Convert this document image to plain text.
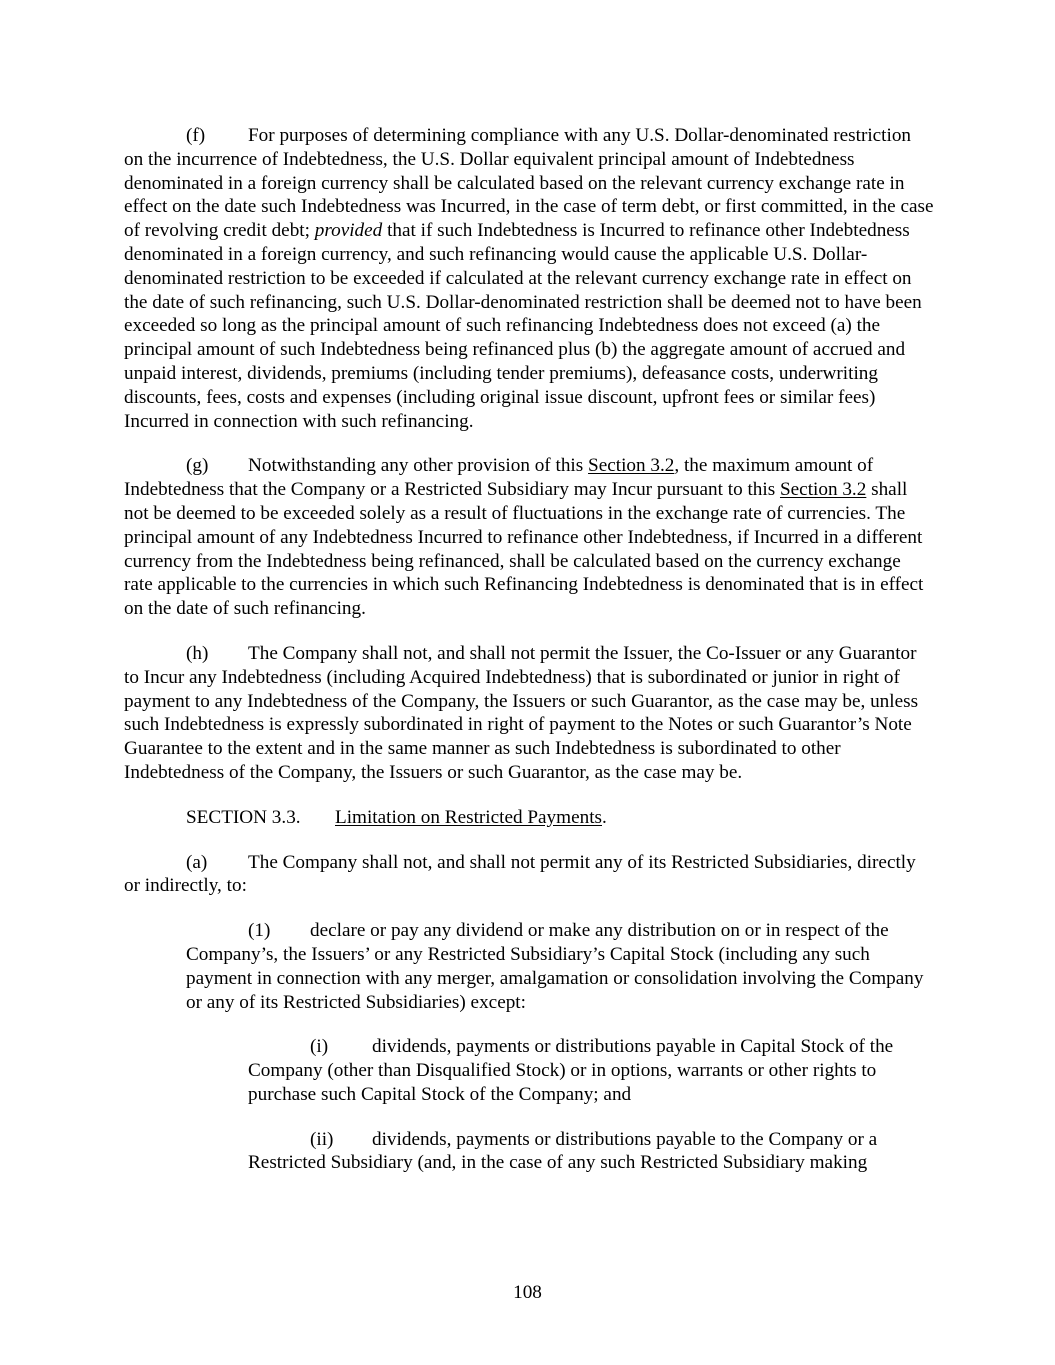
(f) For purposes of determining compliance with any U.S. Dollar-denominated restriction on the incurrence of Indebtedness, the U.S. Dollar equivalent principal amount of Indebtedness denominated in a foreign currency shall be calculated based on the relevant currency exchange rate in effect on the date such Indebtedness was Incurred, in the case of term debt, or first committed, in the case of revolving credit debt; provided that if such Indebtedness is Incurred to refinance other Indebtedness denominated in a foreign currency, and such refinancing would cause the applicable U.S. Dollar-denominated restriction to be exceeded if calculated at the relevant currency exchange rate in effect on the date of such refinancing, such U.S. Dollar-denominated restriction shall be deemed not to have been exceeded so long as the principal amount of such refinancing Indebtedness does not exceed (a) the principal amount of such Indebtedness being refinanced plus (b) the aggregate amount of accrued and unpaid interest, dividends, premiums (including tender premiums), defeasance costs, underwriting discounts, fees, costs and expenses (including original issue discount, upfront fees or similar fees) Incurred in connection with such refinancing.

(g) Notwithstanding any other provision of this Section 3.2, the maximum amount of Indebtedness that the Company or a Restricted Subsidiary may Incur pursuant to this Section 3.2 shall not be deemed to be exceeded solely as a result of fluctuations in the exchange rate of currencies. The principal amount of any Indebtedness Incurred to refinance other Indebtedness, if Incurred in a different currency from the Indebtedness being refinanced, shall be calculated based on the currency exchange rate applicable to the currencies in which such Refinancing Indebtedness is denominated that is in effect on the date of such refinancing.

(h) The Company shall not, and shall not permit the Issuer, the Co-Issuer or any Guarantor to Incur any Indebtedness (including Acquired Indebtedness) that is subordinated or junior in right of payment to any Indebtedness of the Company, the Issuers or such Guarantor, as the case may be, unless such Indebtedness is expressly subordinated in right of payment to the Notes or such Guarantor’s Note Guarantee to the extent and in the same manner as such Indebtedness is subordinated to other Indebtedness of the Company, the Issuers or such Guarantor, as the case may be.

SECTION 3.3. Limitation on Restricted Payments.

(a) The Company shall not, and shall not permit any of its Restricted Subsidiaries, directly or indirectly, to:

(1) declare or pay any dividend or make any distribution on or in respect of the Company’s, the Issuers’ or any Restricted Subsidiary’s Capital Stock (including any such payment in connection with any merger, amalgamation or consolidation involving the Company or any of its Restricted Subsidiaries) except:

(i) dividends, payments or distributions payable in Capital Stock of the Company (other than Disqualified Stock) or in options, warrants or other rights to purchase such Capital Stock of the Company; and

(ii) dividends, payments or distributions payable to the Company or a Restricted Subsidiary (and, in the case of any such Restricted Subsidiary making

108
